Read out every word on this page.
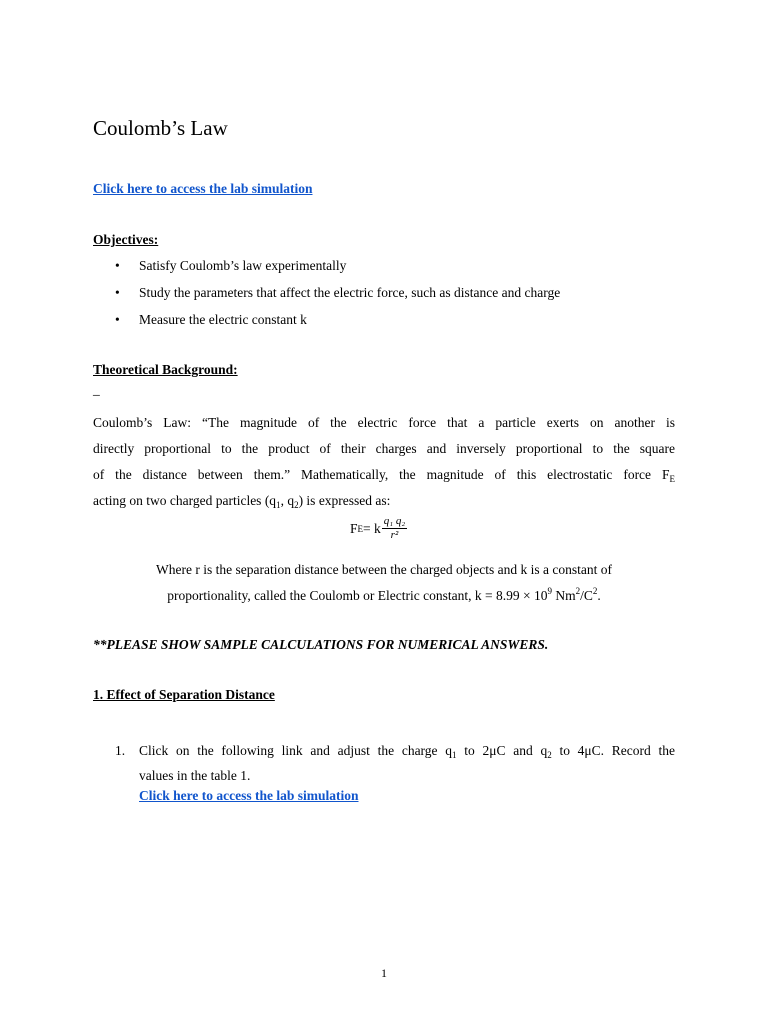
Coulomb’s Law
Click here to access the lab simulation
Objectives:
• Satisfy Coulomb’s law experimentally
• Study the parameters that affect the electric force, such as distance and charge
• Measure the electric constant k
Theoretical Background:
_
Coulomb’s Law: “The magnitude of the electric force that a particle exerts on another is
directly proportional to the product of their charges and inversely proportional to the square
of the distance between them.” Mathematically, the magnitude of this electrostatic force $F_E$
acting on two charged particles ($q_1$, $q_2$) is expressed as:
F E = k $\frac{\text{q₁ q₂}}{\text{r²}}$
Where r is the separation distance between the charged objects and k is a constant of
proportionality, called the Coulomb or Electric constant, $k = 8.99 \times 10^9$ $Nm^2/C^2$.
**PLEASE SHOW SAMPLE CALCULATIONS FOR NUMERICAL ANSWERS.
1. Effect of Separation Distance
1. Click on the following link and adjust the charge $q_1$ to 2μC and $q_2$ to 4μC. Record the
values in the table 1.
Click here to access the lab simulation
1
